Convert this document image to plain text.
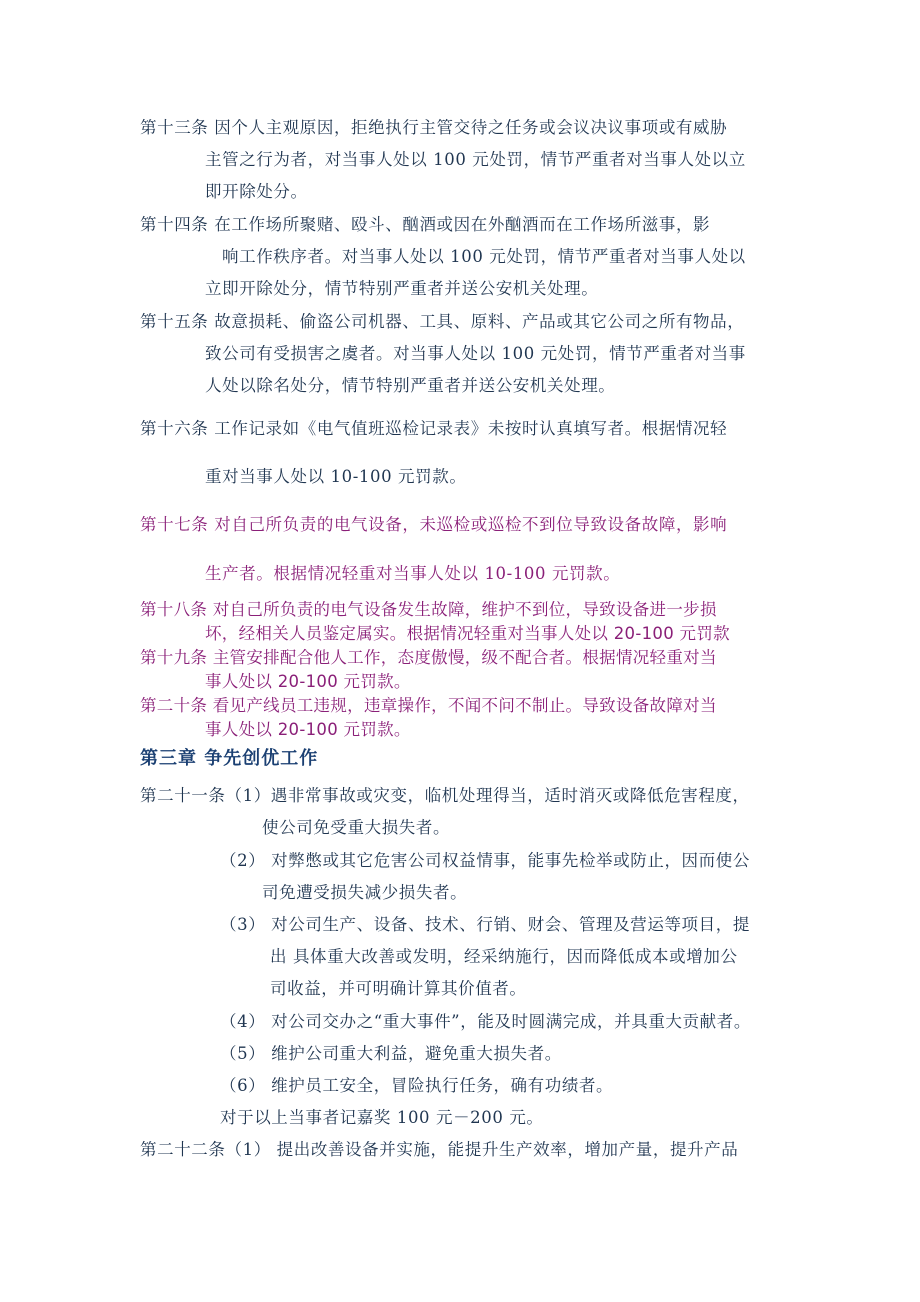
第十三条 因个人主观原因，拒绝执行主管交待之任务或会议决议事项或有威胁
主管之行为者，对当事人处以 100 元处罚，情节严重者对当事人处以立
即开除处分。
第十四条 在工作场所聚赌、殴斗、酗酒或因在外酗酒而在工作场所滋事，影
响工作秩序者。对当事人处以 100 元处罚，情节严重者对当事人处以
立即开除处分，情节特别严重者并送公安机关处理。
第十五条 故意损耗、偷盗公司机器、工具、原料、产品或其它公司之所有物品，
致公司有受损害之虞者。对当事人处以 100 元处罚，情节严重者对当事
人处以除名处分，情节特别严重者并送公安机关处理。
第十六条 工作记录如《电气值班巡检记录表》未按时认真填写者。根据情况轻
重对当事人处以 10-100 元罚款。
第十七条 对自己所负责的电气设备，未巡检或巡检不到位导致设备故障，影响
生产者。根据情况轻重对当事人处以 10-100 元罚款。
第十八条 对自己所负责的电气设备发生故障，维护不到位，导致设备进一步损
坏，经相关人员鉴定属实。根据情况轻重对当事人处以 20-100 元罚款
第十九条 主管安排配合他人工作，态度傲慢，级不配合者。根据情况轻重对当
事人处以 20-100 元罚款。
第二十条 看见产线员工违规，违章操作，不闻不问不制止。导致设备故障对当
事人处以 20-100 元罚款。
第三章 争先创优工作
第二十一条（1）遇非常事故或灾变，临机处理得当，适时消灭或降低危害程度，
使公司免受重大损失者。
（2） 对弊憋或其它危害公司权益情事，能事先检举或防止，因而使公
司免遭受损失减少损失者。
（3） 对公司生产、设备、技术、行销、财会、管理及营运等项目，提
出 具体重大改善或发明，经采纳施行，因而降低成本或增加公
司收益，并可明确计算其价值者。
（4） 对公司交办之“重大事件”，能及时圆满完成，并具重大贡献者。
（5） 维护公司重大利益，避免重大损失者。
（6） 维护员工安全，冒险执行任务，确有功绩者。
对于以上当事者记嘉奖 100 元－200 元。
第二十二条（1） 提出改善设备并实施，能提升生产效率，增加产量，提升产品
